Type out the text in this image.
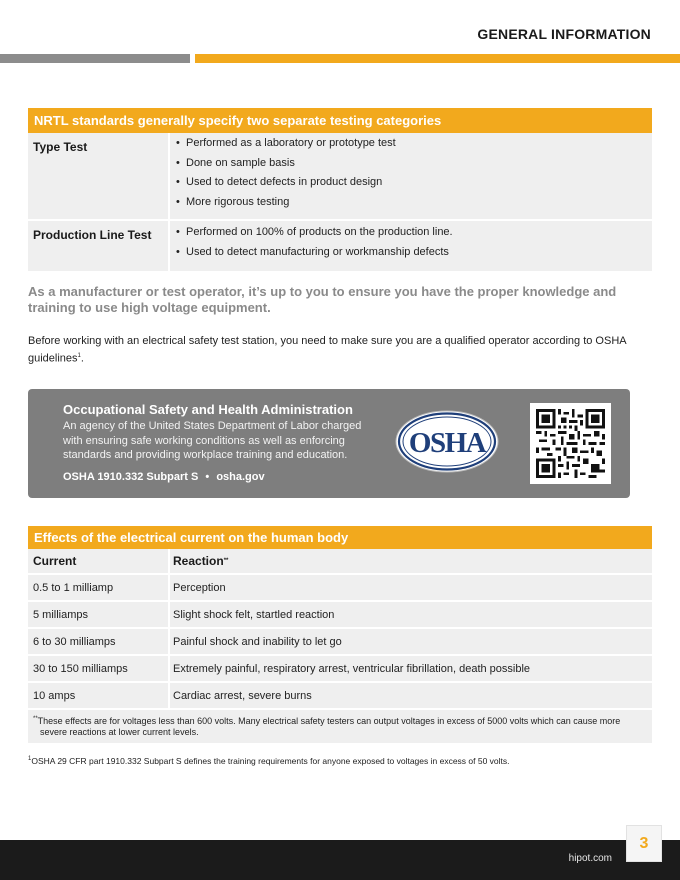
GENERAL INFORMATION
NRTL standards generally specify two separate testing categories
Type Test	• Performed as a laboratory or prototype test
• Done on sample basis
• Used to detect defects in product design
• More rigorous testing
Production Line Test	• Performed on 100% of products on the production line.
• Used to detect manufacturing or workmanship defects
As a manufacturer or test operator, it’s up to you to ensure you have the proper knowledge and training to use high voltage equipment.
Before working with an electrical safety test station, you need to make sure you are a qualified operator according to OSHA guidelines$^1$.
Occupational Safety and Health Administration
An agency of the United States Department of Labor charged with ensuring safe working conditions as well as enforcing standards and providing workplace training and education.
OSHA 1910.332 Subpart S • osha.gov
OSHA
Effects of the electrical current on the human body
Current	Reaction **
0.5 to 1 milliamp	Perception
5 milliamps	Slight shock felt, startled reaction
6 to 30 milliamps	Painful shock and inability to let go
30 to 150 milliamps	Extremely painful, respiratory arrest, ventricular fibrillation, death possible
10 amps	Cardiac arrest, severe burns
**These effects are for voltages less than 600 volts. Many electrical safety testers can output voltages in excess of 5000 volts which can cause more
severe reactions at lower current levels.
$^1$OSHA 29 CFR part 1910.332 Subpart S defines the training requirements for anyone exposed to voltages in excess of 50 volts.
hipot.com
3
